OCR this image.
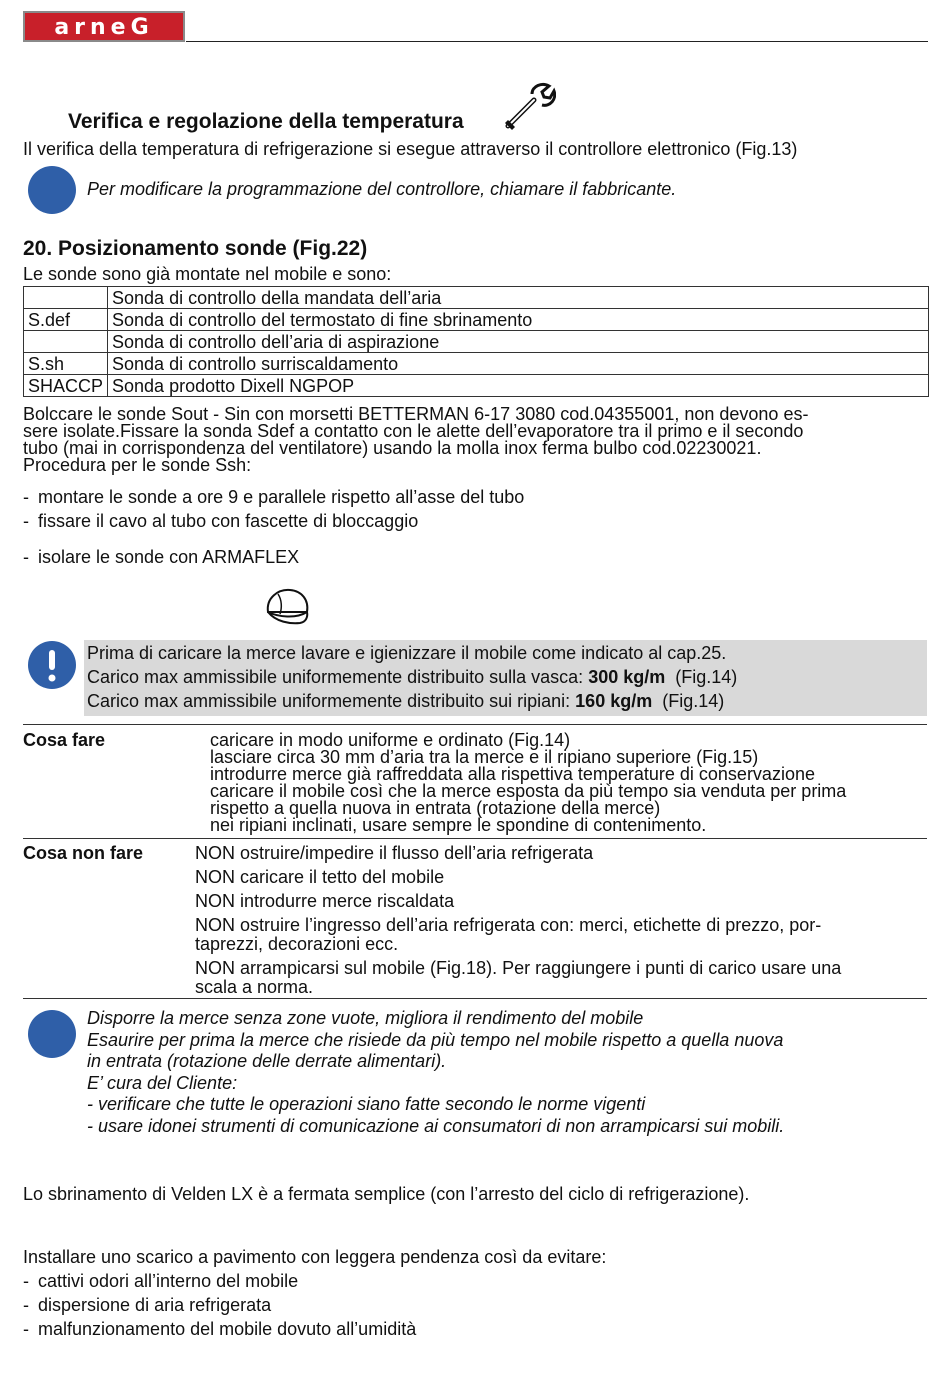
arneG
Verifica e regolazione della temperatura
Il verifica della temperatura di refrigerazione si esegue attraverso il controllore elettronico (Fig.13)
Per modificare la programmazione del controllore, chiamare il fabbricante.
20. Posizionamento sonde (Fig.22)
Le sonde sono già montate nel mobile e sono:
	Sonda di controllo della mandata dell’aria
S.def	Sonda di controllo del termostato di fine sbrinamento
	Sonda di controllo dell’aria di aspirazione
S.sh	Sonda di controllo surriscaldamento
SHACCP	Sonda prodotto Dixell NGPOP
Bolccare le sonde Sout - Sin con morsetti BETTERMAN 6-17 3080 cod.04355001, non devono es-
sere isolate.Fissare la sonda Sdef a contatto con le alette dell’evaporatore tra il primo e il secondo
tubo (mai in corrispondenza del ventilatore) usando la molla inox ferma bulbo cod.02230021.
Procedura per le sonde Ssh:
- montare le sonde a ore 9 e parallele rispetto all’asse del tubo
- fissare il cavo al tubo con fascette di bloccaggio
- isolare le sonde con ARMAFLEX
Prima di caricare la merce lavare e igienizzare il mobile come indicato al cap.25.
Carico max ammissibile uniformemente distribuito sulla vasca: 300 kg/m  (Fig.14)
Carico max ammissibile uniformemente distribuito sui ripiani: 160 kg/m  (Fig.14)
Cosa fare	caricare in modo uniforme e ordinato (Fig.14)
lasciare circa 30 mm d’aria tra la merce e il ripiano superiore (Fig.15)
introdurre merce già raffreddata alla rispettiva temperature di conservazione
caricare il mobile così che la merce esposta da più tempo sia venduta per prima
rispetto a quella nuova in entrata (rotazione della merce)
nei ripiani inclinati, usare sempre le spondine di contenimento.
Cosa non fare	NON ostruire/impedire il flusso dell’aria refrigerata
NON caricare il tetto del mobile
NON introdurre merce riscaldata
NON ostruire l’ingresso dell’aria refrigerata con: merci, etichette di prezzo, por-
taprezzi, decorazioni ecc.
NON arrampicarsi sul mobile (Fig.18). Per raggiungere i punti di carico usare una
scala a norma.
Disporre la merce senza zone vuote, migliora il rendimento del mobile
Esaurire per prima la merce che risiede da più tempo nel mobile rispetto a quella nuova
in entrata (rotazione delle derrate alimentari).
E’ cura del Cliente:
- verificare che tutte le operazioni siano fatte secondo le norme vigenti
- usare idonei strumenti di comunicazione ai consumatori di non arrampicarsi sui mobili.
Lo sbrinamento di Velden LX è a fermata semplice (con l’arresto del ciclo di refrigerazione).
Installare uno scarico a pavimento con leggera pendenza così da evitare:
- cattivi odori all’interno del mobile
- dispersione di aria refrigerata
- malfunzionamento del mobile dovuto all’umidità
